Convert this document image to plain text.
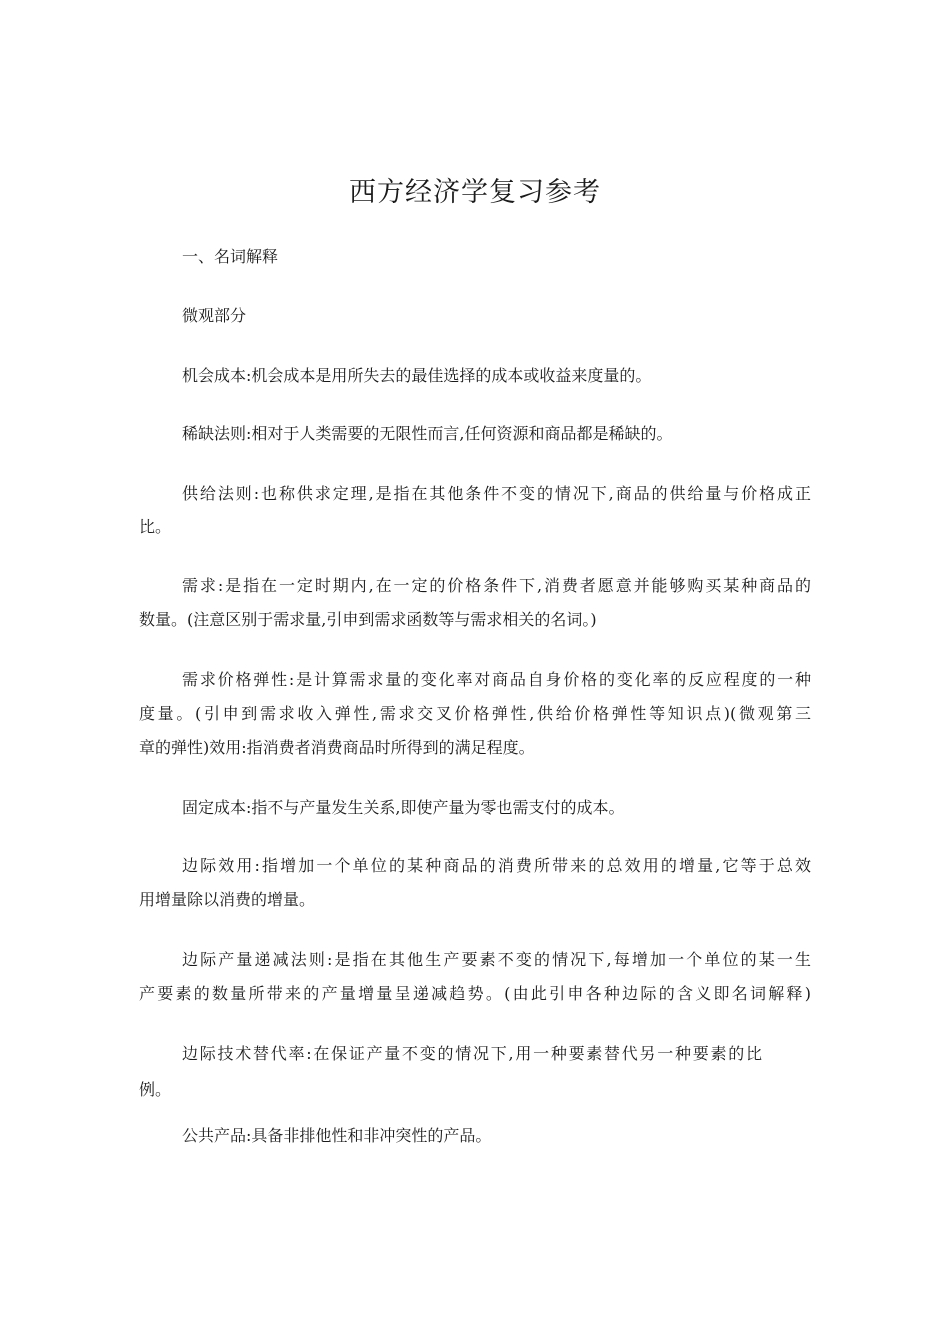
西方经济学复习参考
一、名词解释
微观部分
机会成本:机会成本是用所失去的最佳选择的成本或收益来度量的。
稀缺法则:相对于人类需要的无限性而言,任何资源和商品都是稀缺的。
供给法则:也称供求定理,是指在其他条件不变的情况下,商品的供给量与价格成正
比。
需求:是指在一定时期内,在一定的价格条件下,消费者愿意并能够购买某种商品的
数量。(注意区别于需求量,引申到需求函数等与需求相关的名词。)
需求价格弹性:是计算需求量的变化率对商品自身价格的变化率的反应程度的一种
度量。(引申到需求收入弹性,需求交叉价格弹性,供给价格弹性等知识点)(微观第三
章的弹性)效用:指消费者消费商品时所得到的满足程度。
固定成本:指不与产量发生关系,即使产量为零也需支付的成本。
边际效用:指增加一个单位的某种商品的消费所带来的总效用的增量,它等于总效
用增量除以消费的增量。
边际产量递减法则:是指在其他生产要素不变的情况下,每增加一个单位的某一生
产要素的数量所带来的产量增量呈递减趋势。(由此引申各种边际的含义即名词解释)
边际技术替代率:在保证产量不变的情况下,用一种要素替代另一种要素的比
例。
公共产品:具备非排他性和非冲突性的产品。
